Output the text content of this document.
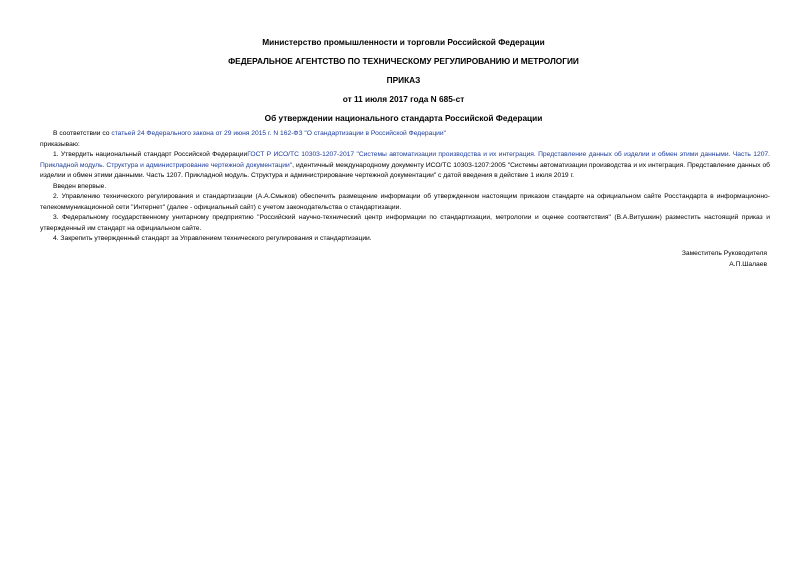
Министерство промышленности и торговли Российской Федерации
ФЕДЕРАЛЬНОЕ АГЕНТСТВО ПО ТЕХНИЧЕСКОМУ РЕГУЛИРОВАНИЮ И МЕТРОЛОГИИ
ПРИКАЗ
от 11 июля 2017 года N 685-ст
Об утверждении национального стандарта Российской Федерации

В соответствии со статьей 24 Федерального закона от 29 июня 2015 г. N 162-ФЗ "О стандартизации в Российской Федерации"

приказываю:

1. Утвердить национальный стандарт Российской ФедерацииГОСТ Р ИСО/ТС 10303-1207-2017 "Системы автоматизации производства и их интеграция. Представление данных об изделии и обмен этими данными. Часть 1207. Прикладной модуль. Структура и администрирование чертежной документации", идентичный международному документу ИСО/ТС 10303-1207:2005 "Системы автоматизации производства и их интеграция. Представление данных об изделии и обмен этими данными. Часть 1207. Прикладной модуль. Структура и администрирование чертежной документации" с датой введения в действие 1 июля 2019 г.

Введен впервые.

2. Управлению технического регулирования и стандартизации (А.А.Смыков) обеспечить размещение информации об утвержденном настоящим приказом стандарте на официальном сайте Росстандарта в информационно-телекоммуникационной сети "Интернет" (далее - официальный сайт) с учетом законодательства о стандартизации.

3. Федеральному государственному унитарному предприятию "Российский научно-технический центр информации по стандартизации, метрологии и оценке соответствия" (В.А.Витушкин) разместить настоящий приказ и утвержденный им стандарт на официальном сайте.

4. Закрепить утвержденный стандарт за Управлением технического регулирования и стандартизации.

Заместитель Руководителя
А.П.Шалаев
